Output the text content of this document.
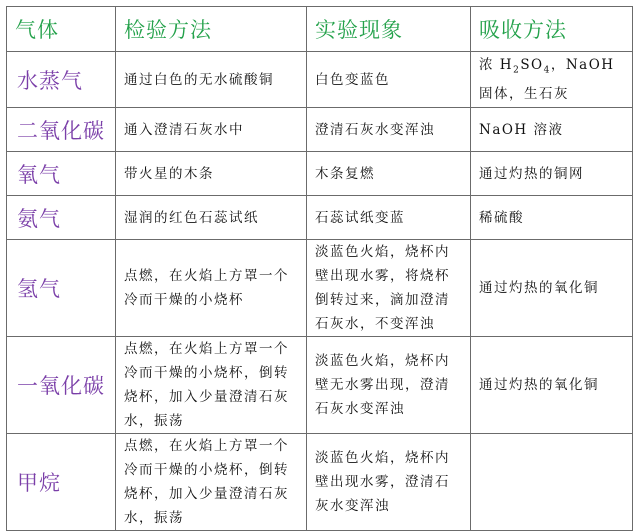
气体	检验方法	实验现象	吸收方法
水蒸气	通过白色的无水硫酸铜	白色变蓝色	浓 $H_2SO_4$，NaOH 固体，生石灰
二氧化碳	通入澄清石灰水中	澄清石灰水变浑浊	NaOH 溶液
氧气	带火星的木条	木条复燃	通过灼热的铜网
氨气	湿润的红色石蕊试纸	石蕊试纸变蓝	稀硫酸
氢气	点燃，在火焰上方罩一个冷而干燥的小烧杯	淡蓝色火焰，烧杯内壁出现水雾，将烧杯倒转过来，滴加澄清石灰水，不变浑浊	通过灼热的氧化铜
一氧化碳	点燃，在火焰上方罩一个冷而干燥的小烧杯，倒转烧杯，加入少量澄清石灰水，振荡	淡蓝色火焰，烧杯内壁无水雾出现，澄清石灰水变浑浊	通过灼热的氧化铜
甲烷	点燃，在火焰上方罩一个冷而干燥的小烧杯，倒转烧杯，加入少量澄清石灰水，振荡	淡蓝色火焰，烧杯内壁出现水雾，澄清石灰水变浑浊	
